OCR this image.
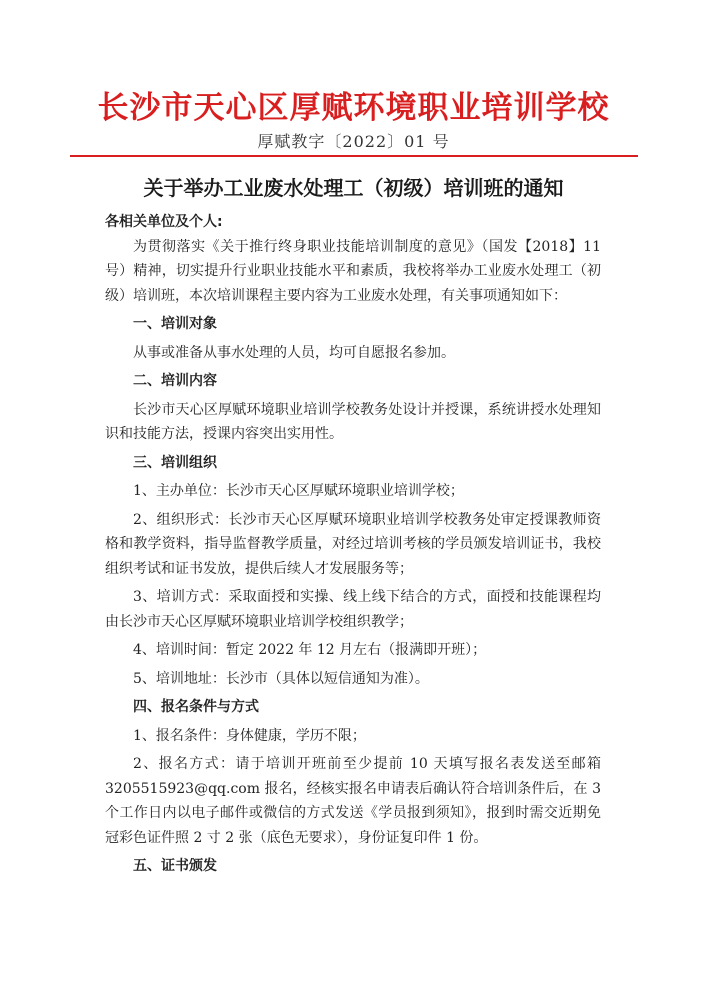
长沙市天心区厚赋环境职业培训学校
厚赋教字〔2022〕01 号
关于举办工业废水处理工（初级）培训班的通知

各相关单位及个人:

为贯彻落实《关于推行终身职业技能培训制度的意见》（国发【2018】11号）精神，切实提升行业职业技能水平和素质，我校将举办工业废水处理工（初级）培训班，本次培训课程主要内容为工业废水处理，有关事项通知如下：

一、培训对象

从事或准备从事水处理的人员，均可自愿报名参加。

二、培训内容

长沙市天心区厚赋环境职业培训学校教务处设计并授课，系统讲授水处理知识和技能方法，授课内容突出实用性。

三、培训组织

1、主办单位：长沙市天心区厚赋环境职业培训学校；

2、组织形式：长沙市天心区厚赋环境职业培训学校教务处审定授课教师资格和教学资料，指导监督教学质量，对经过培训考核的学员颁发培训证书，我校组织考试和证书发放，提供后续人才发展服务等；

3、培训方式：采取面授和实操、线上线下结合的方式，面授和技能课程均由长沙市天心区厚赋环境职业培训学校组织教学；

4、培训时间：暂定 2022 年 12 月左右（报满即开班）；

5、培训地址：长沙市（具体以短信通知为准）。

四、报名条件与方式

1、报名条件：身体健康，学历不限；

2、报名方式：请于培训开班前至少提前 10 天填写报名表发送至邮箱3205515923@qq.com 报名，经核实报名申请表后确认符合培训条件后，在 3 个工作日内以电子邮件或微信的方式发送《学员报到须知》，报到时需交近期免冠彩色证件照 2 寸 2 张（底色无要求），身份证复印件 1 份。

五、证书颁发
